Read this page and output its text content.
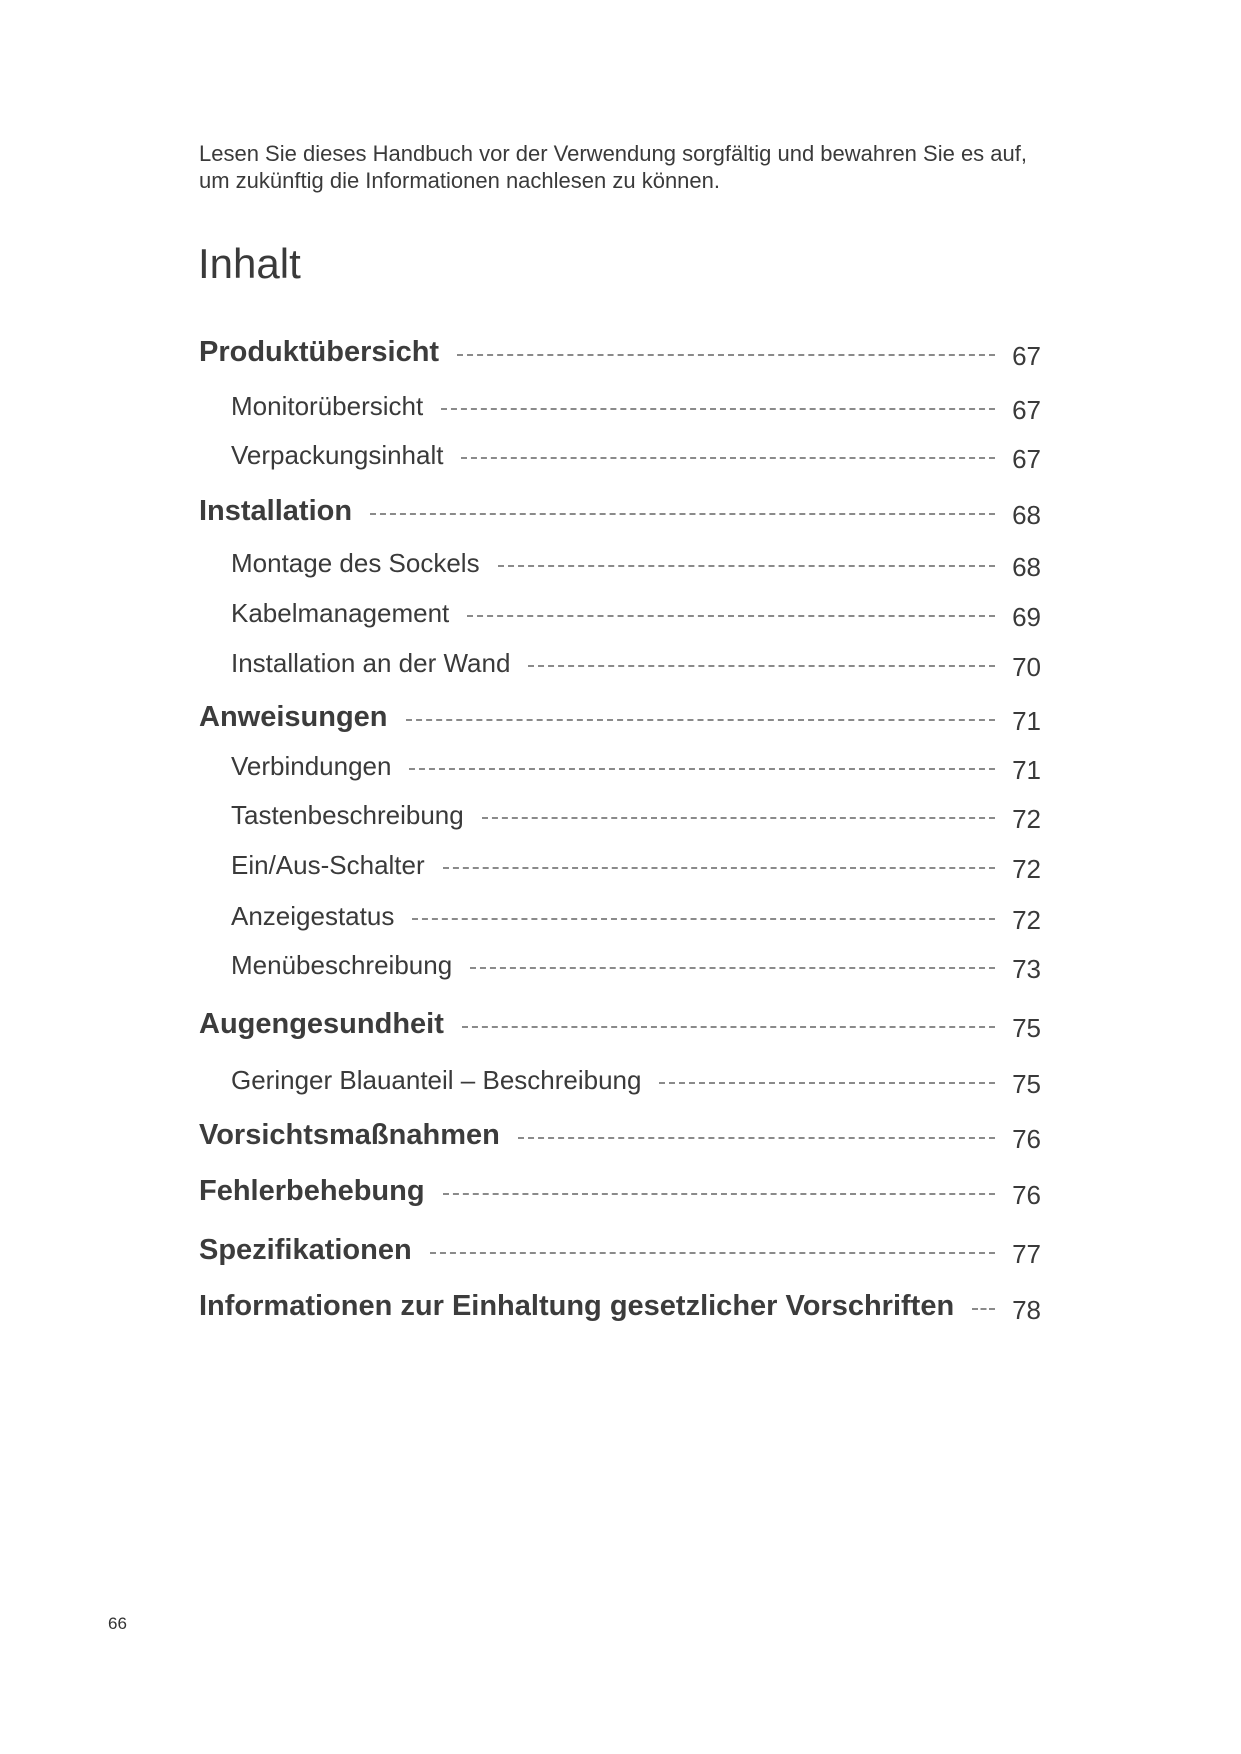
Lesen Sie dieses Handbuch vor der Verwendung sorgfältig und bewahren Sie es auf, um zukünftig die Informationen nachlesen zu können.

Inhalt
Produktübersicht	67
Monitorübersicht	67
Verpackungsinhalt	67
Installation	68
Montage des Sockels	68
Kabelmanagement	69
Installation an der Wand	70
Anweisungen	71
Verbindungen	71
Tastenbeschreibung	72
Ein/Aus-Schalter	72
Anzeigestatus	72
Menübeschreibung	73
Augengesundheit	75
Geringer Blauanteil – Beschreibung	75
Vorsichtsmaßnahmen	76
Fehlerbehebung	76
Spezifikationen	77
Informationen zur Einhaltung gesetzlicher Vorschriften 78

66
